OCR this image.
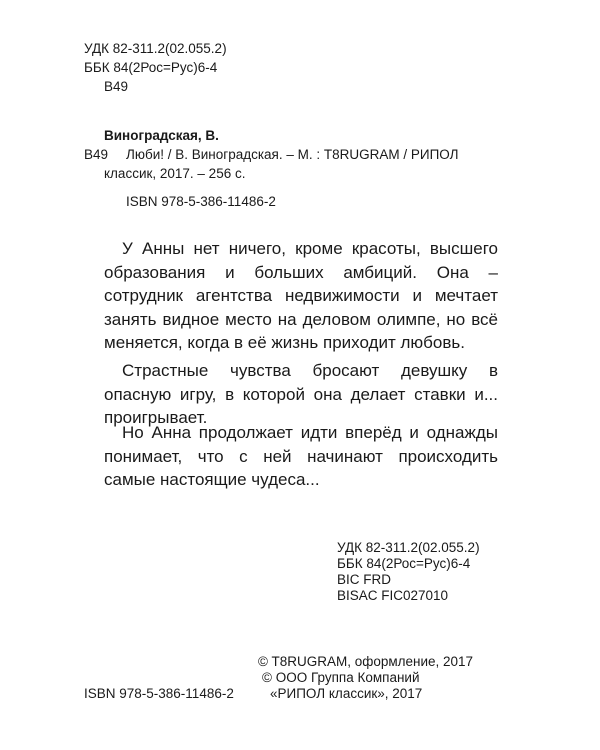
УДК 82-311.2(02.055.2)
ББК 84(2Рос=Рус)6-4
В49
Виноградская, В.
В49 Люби! / В. Виноградская. – М. : T8RUGRAM / РИПОЛ
классик, 2017. – 256 с.
ISBN 978-5-386-11486-2

У Анны нет ничего, кроме красоты, высшего образования и больших амбиций. Она – сотрудник агентства недвижимости и мечтает занять видное место на деловом олимпе, но всё меняется, когда в её жизнь приходит любовь.

Страстные чувства бросают девушку в опасную игру, в которой она делает ставки и... проигрывает.

Но Анна продолжает идти вперёд и однажды понимает, что с ней начинают происходить самые настоящие чудеса...

УДК 82-311.2(02.055.2)
ББК 84(2Рос=Рус)6-4
BIC FRD
BISAC FIC027010
© T8RUGRAM, оформление, 2017
© ООО Группа Компаний
«РИПОЛ классик», 2017
ISBN 978-5-386-11486-2
